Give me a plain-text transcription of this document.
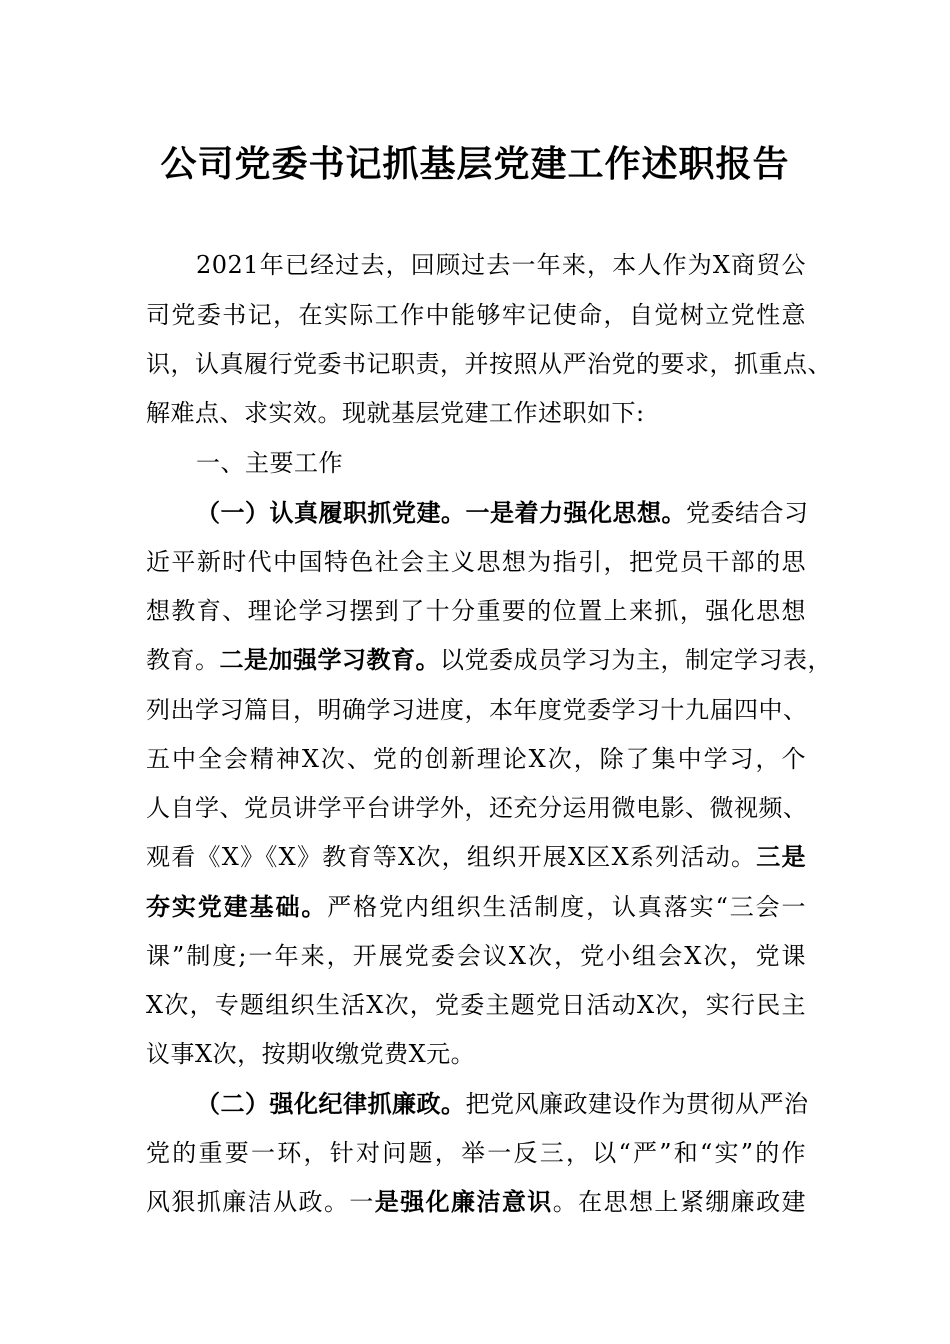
公司党委书记抓基层党建工作述职报告
2021年已经过去，回顾过去一年来，本人作为X商贸公
司党委书记，在实际工作中能够牢记使命，自觉树立党性意
识，认真履行党委书记职责，并按照从严治党的要求，抓重点、
解难点、求实效。现就基层党建工作述职如下:
一、主要工作
（一）认真履职抓党建。一是着力强化思想。党委结合习
近平新时代中国特色社会主义思想为指引，把党员干部的思
想教育、理论学习摆到了十分重要的位置上来抓，强化思想
教育。二是加强学习教育。以党委成员学习为主，制定学习表，
列出学习篇目，明确学习进度，本年度党委学习十九届四中、
五中全会精神X次、党的创新理论X次，除了集中学习，个
人自学、党员讲学平台讲学外，还充分运用微电影、微视频、
观看《X》《X》教育等X次，组织开展X区X系列活动。三是
夯实党建基础。严格党内组织生活制度，认真落实“三会一
课”制度;一年来，开展党委会议X次，党小组会X次，党课
X次，专题组织生活X次，党委主题党日活动X次，实行民主
议事X次，按期收缴党费X元。
（二）强化纪律抓廉政。把党风廉政建设作为贯彻从严治
党的重要一环，针对问题，举一反三，以“严”和“实”的作
风狠抓廉洁从政。一是强化廉洁意识。在思想上紧绷廉政建
